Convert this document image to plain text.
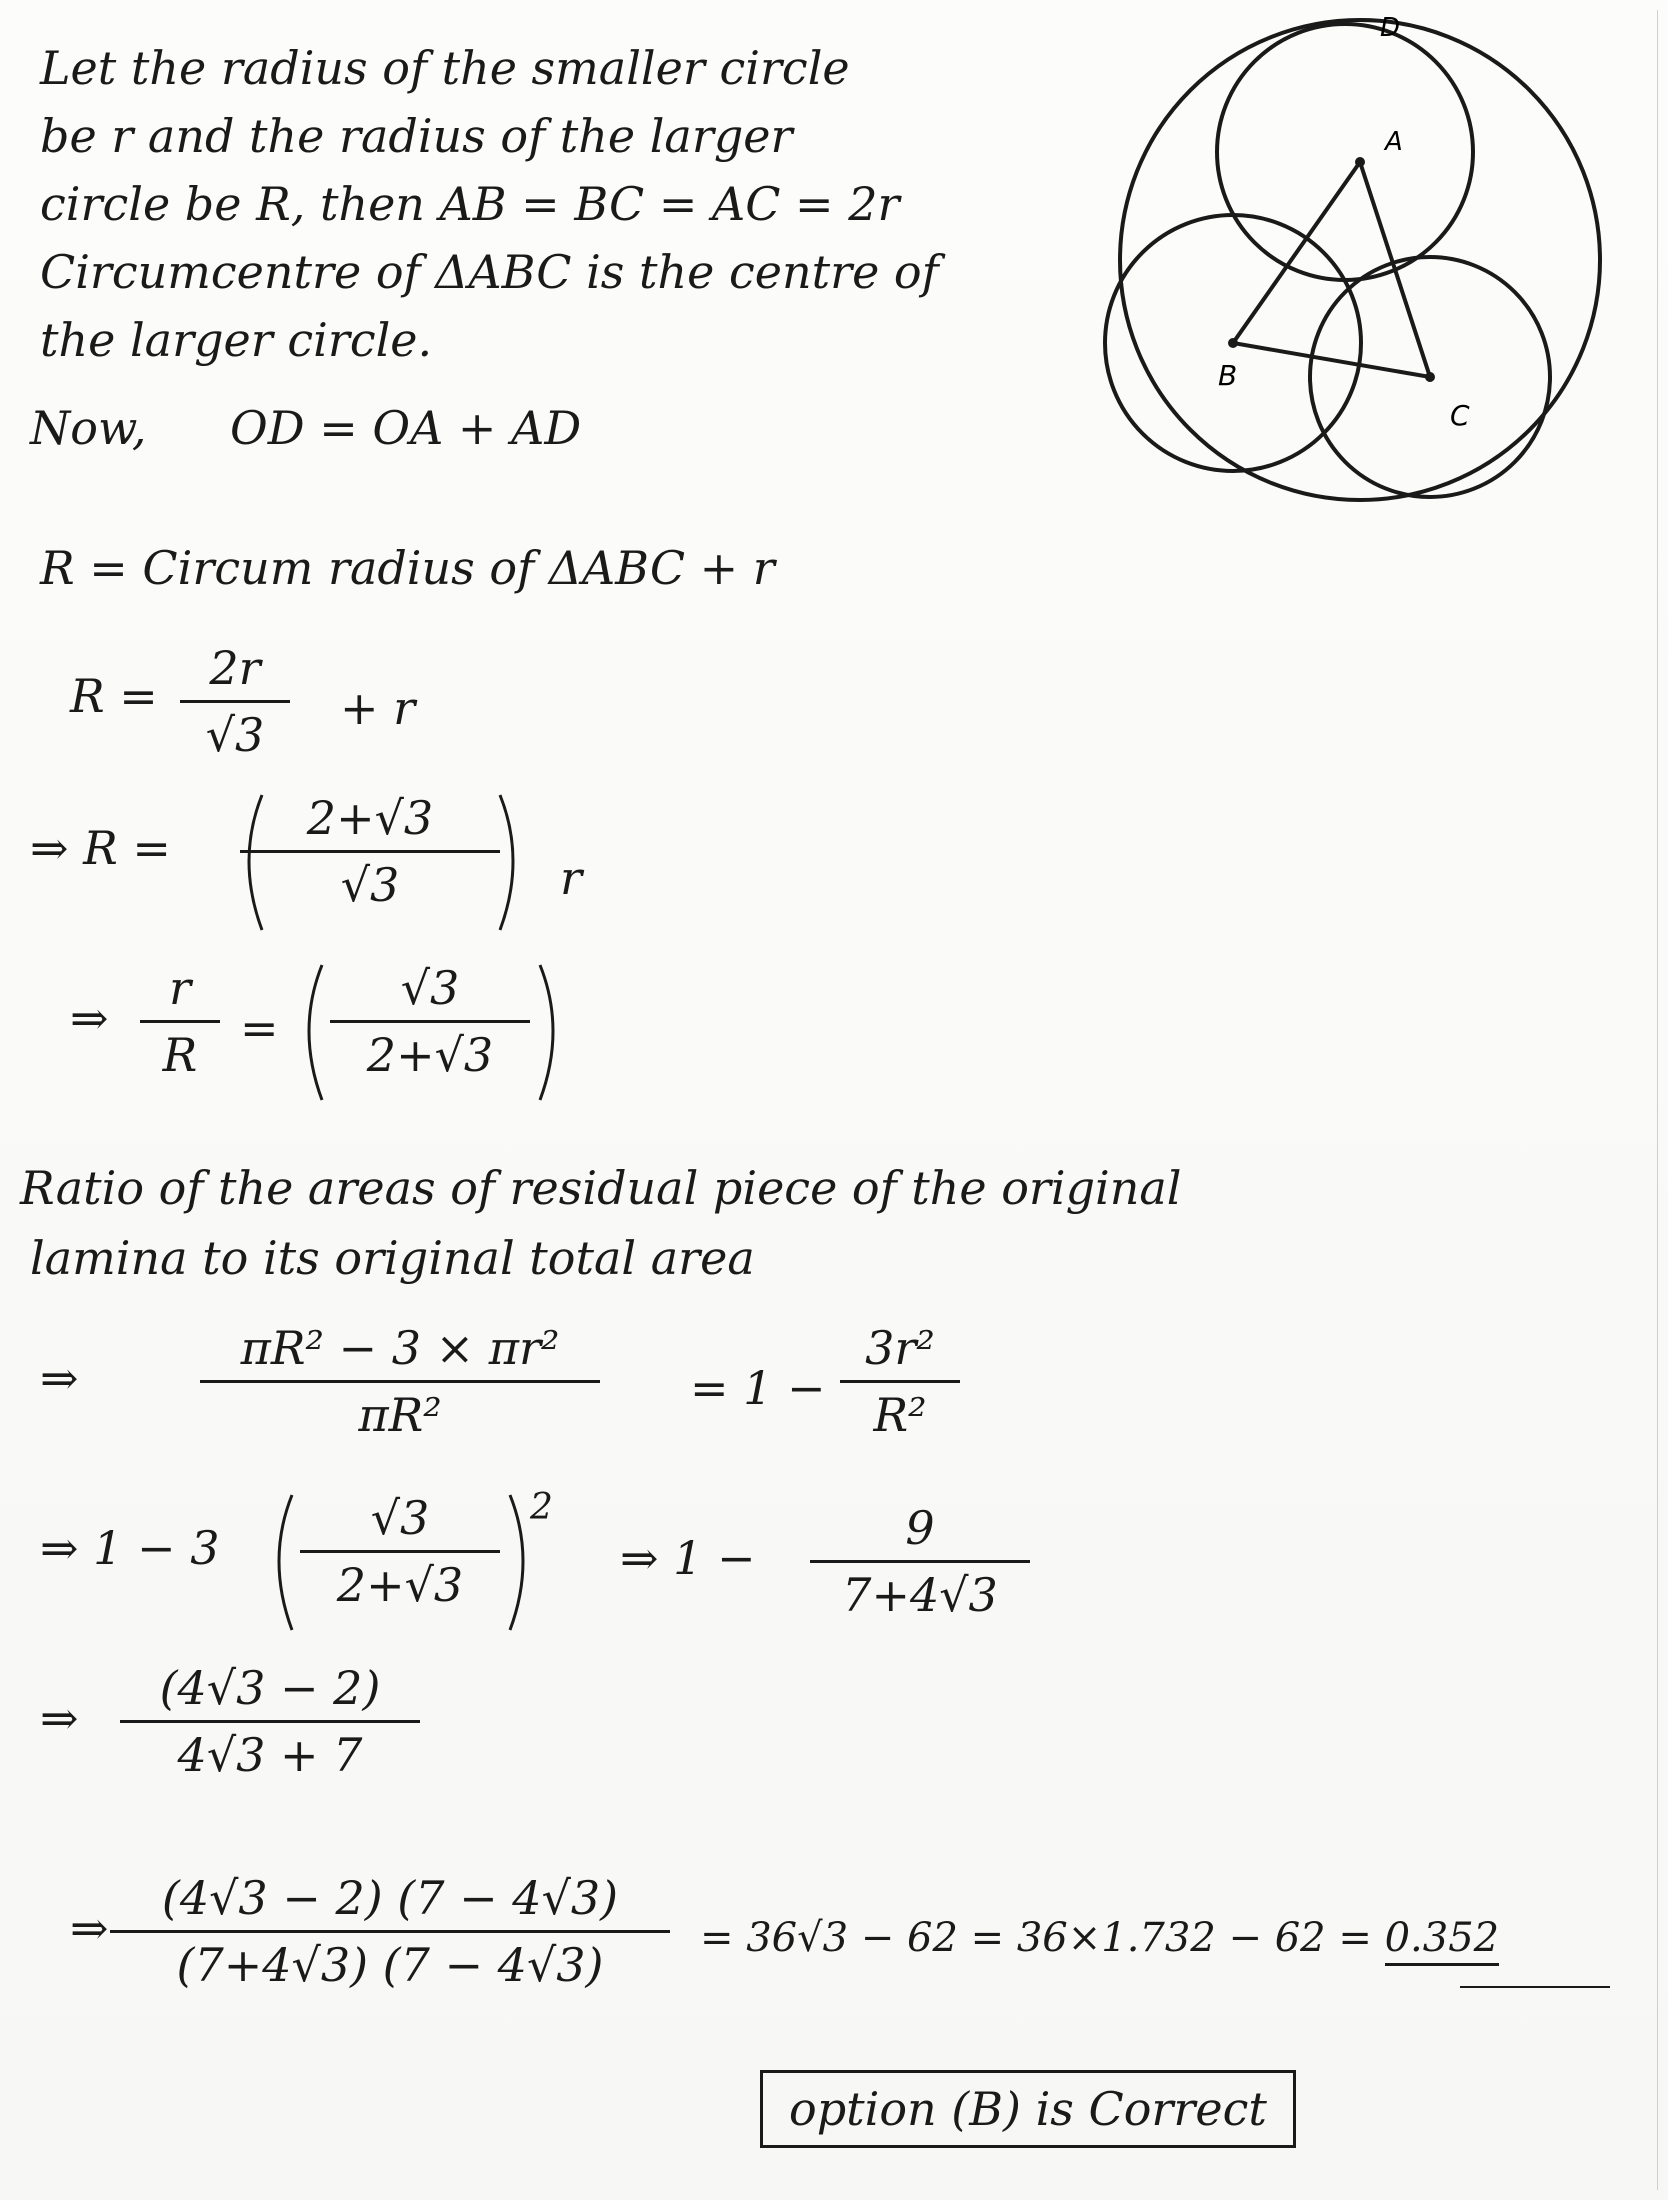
Let the radius of the smaller circle
be r and the radius of the larger
circle be R, then AB = BC = AC = 2r
Circumcentre of ΔABC is the centre of
the larger circle.
Now, OD = OA + AD
R = Circum radius of ΔABC + r
R =
2r
√3	+ r
⇒ R =
2+√3
√3	r
⇒
r
R =
√3
2+√3
Ratio of the areas of residual piece of the original
lamina to its original total area
⇒
πR² − 3 × πr²
πR²	= 1 −
3r²
R²
⇒ 1 − 3
√3
2+√3
2
⇒ 1 −
9
7+4√3
⇒
(4√3 − 2)
4√3 + 7
⇒
(4√3 − 2) (7 − 4√3)
(7+4√3) (7 − 4√3)	= 36√3 − 62 = 36×1.732 − 62 = 0.352
option (B) is Correct
A
B
C
D
